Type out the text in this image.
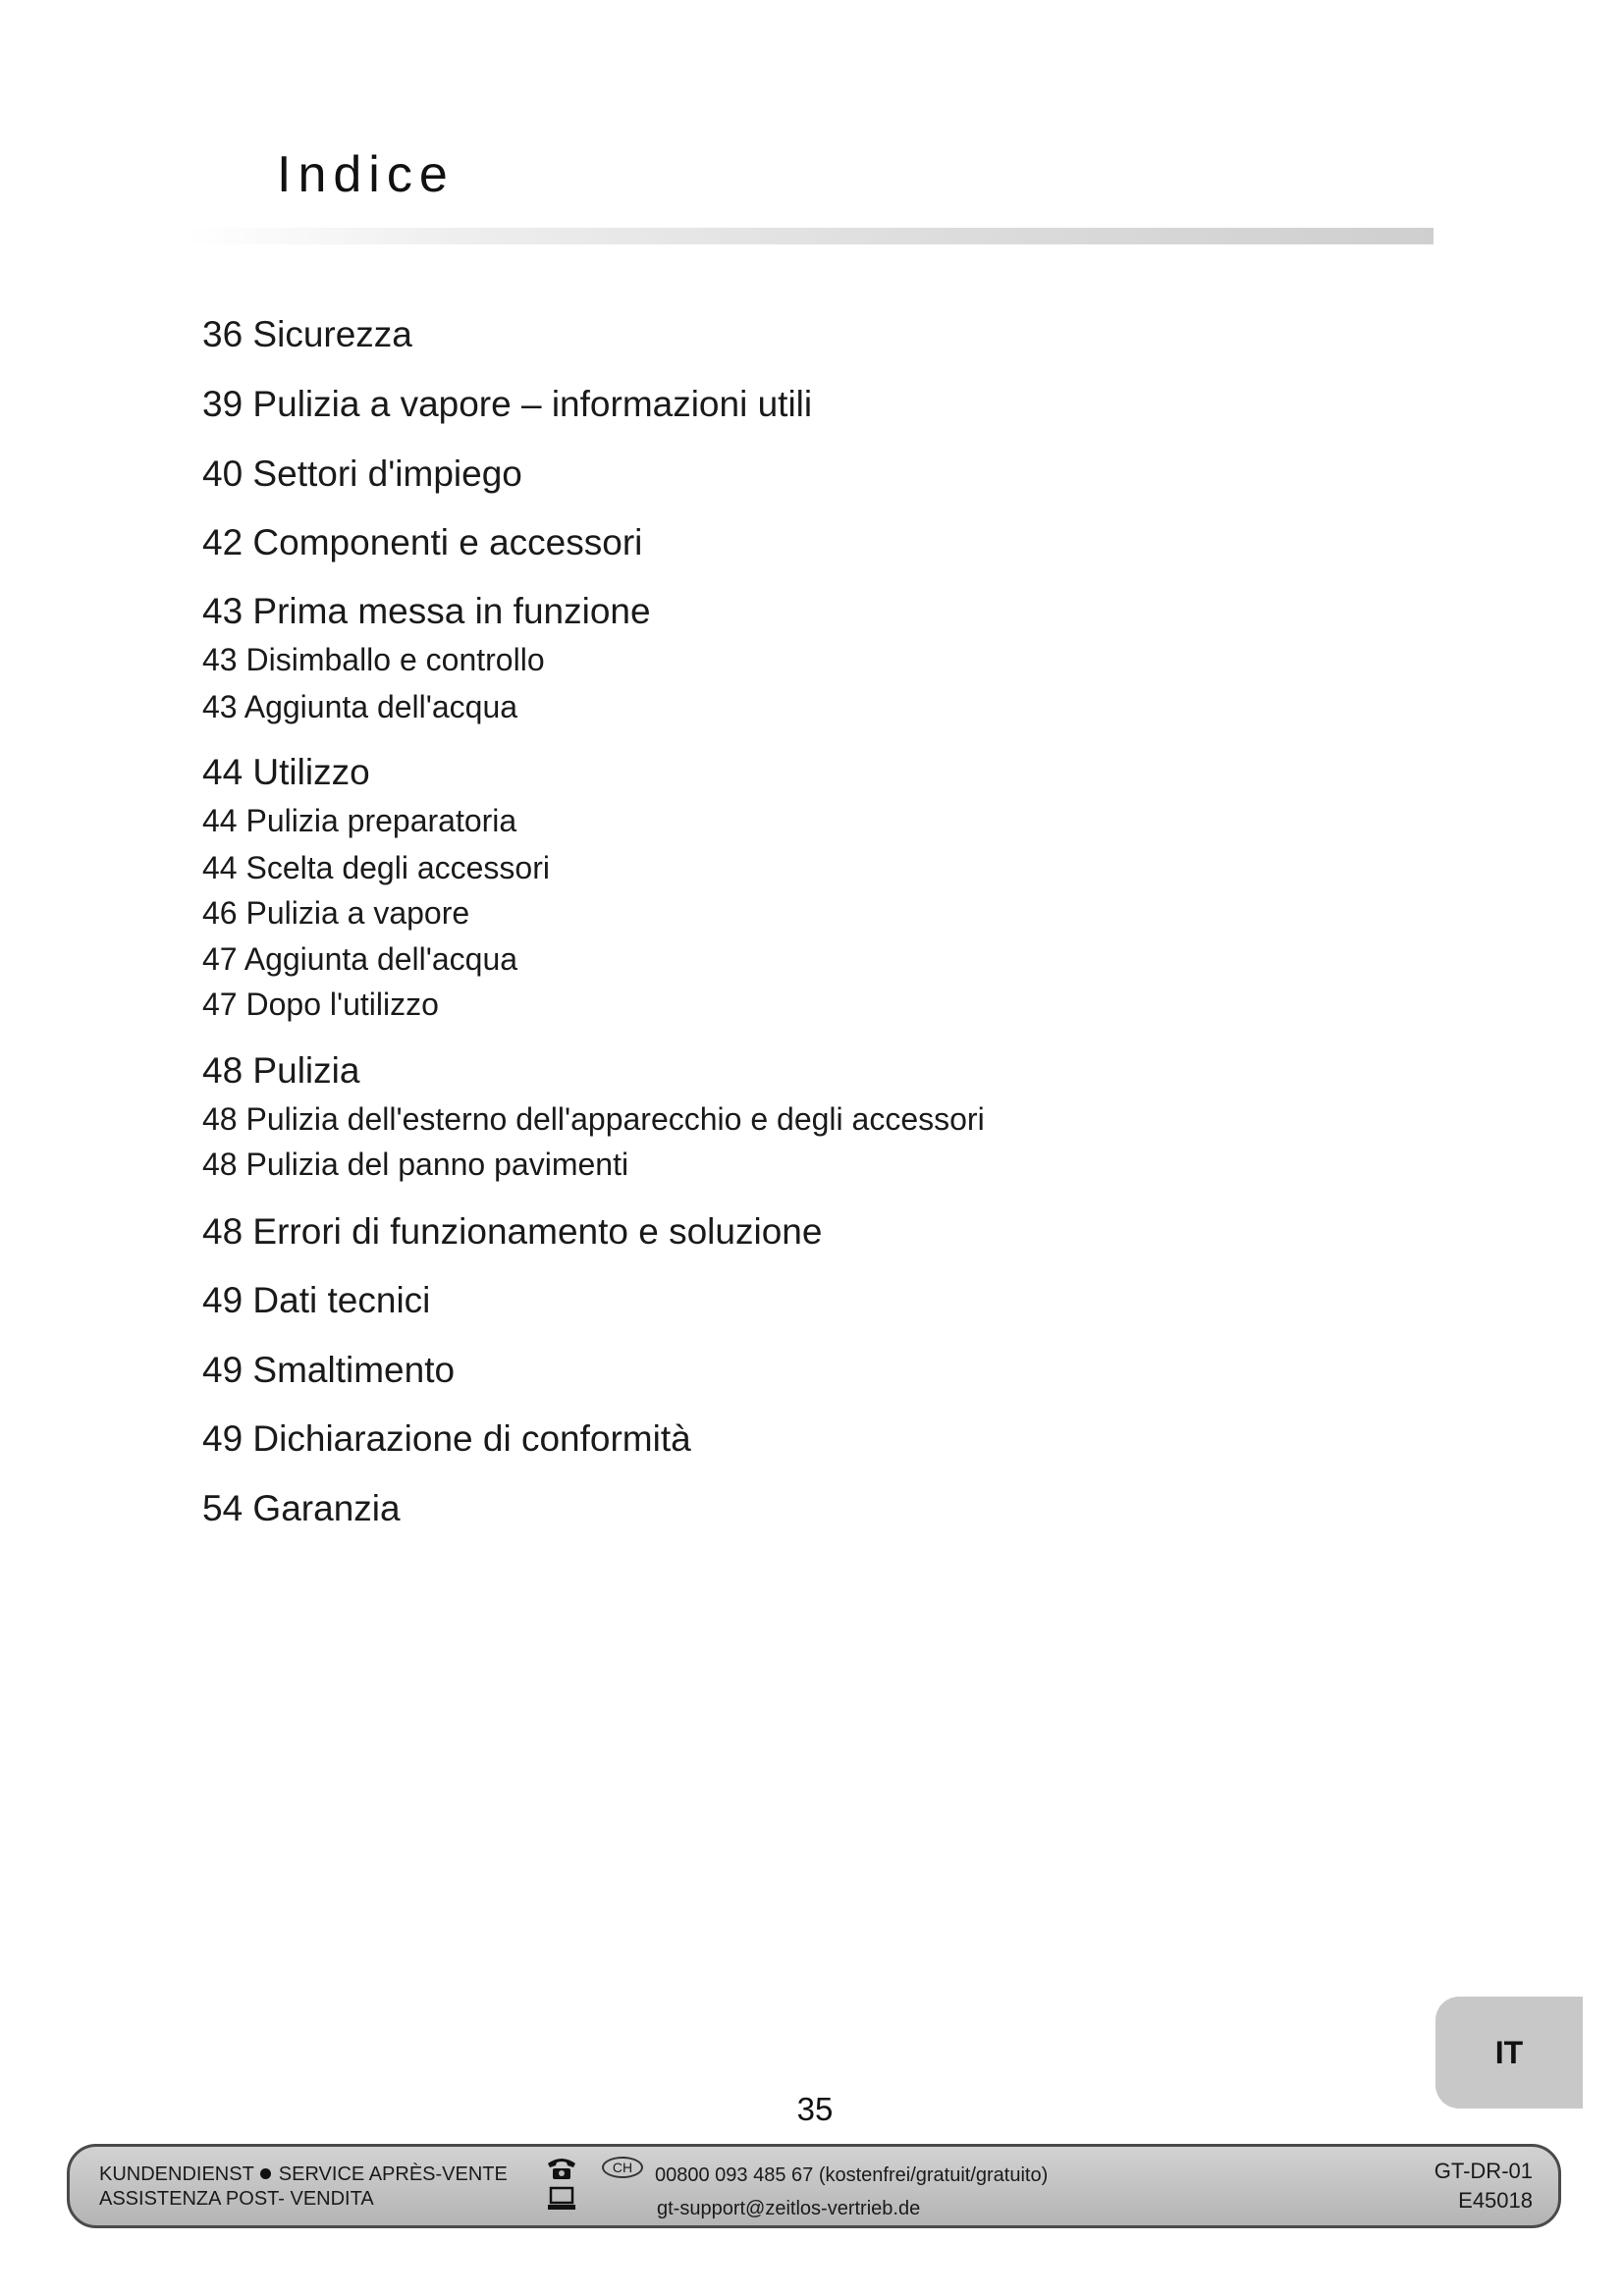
Indice
36 Sicurezza
39 Pulizia a vapore – informazioni utili
40 Settori d'impiego
42 Componenti e accessori
43 Prima messa in funzione
43 Disimballo e controllo
43 Aggiunta dell'acqua
44 Utilizzo
44 Pulizia preparatoria
44 Scelta degli accessori
46 Pulizia a vapore
47 Aggiunta dell'acqua
47 Dopo l'utilizzo
48 Pulizia
48 Pulizia dell'esterno dell'apparecchio e degli accessori
48 Pulizia del panno pavimenti
48 Errori di funzionamento e soluzione
49 Dati tecnici
49 Smaltimento
49 Dichiarazione di conformità
54 Garanzia
IT
35
KUNDENDIENST SERVICE APRÈS-VENTE
ASSISTENZA POST- VENDITA
CH	00800 093 485 67 (kostenfrei/gratuit/gratuito)
gt-support@zeitlos-vertrieb.de
GT-DR-01
E45018
